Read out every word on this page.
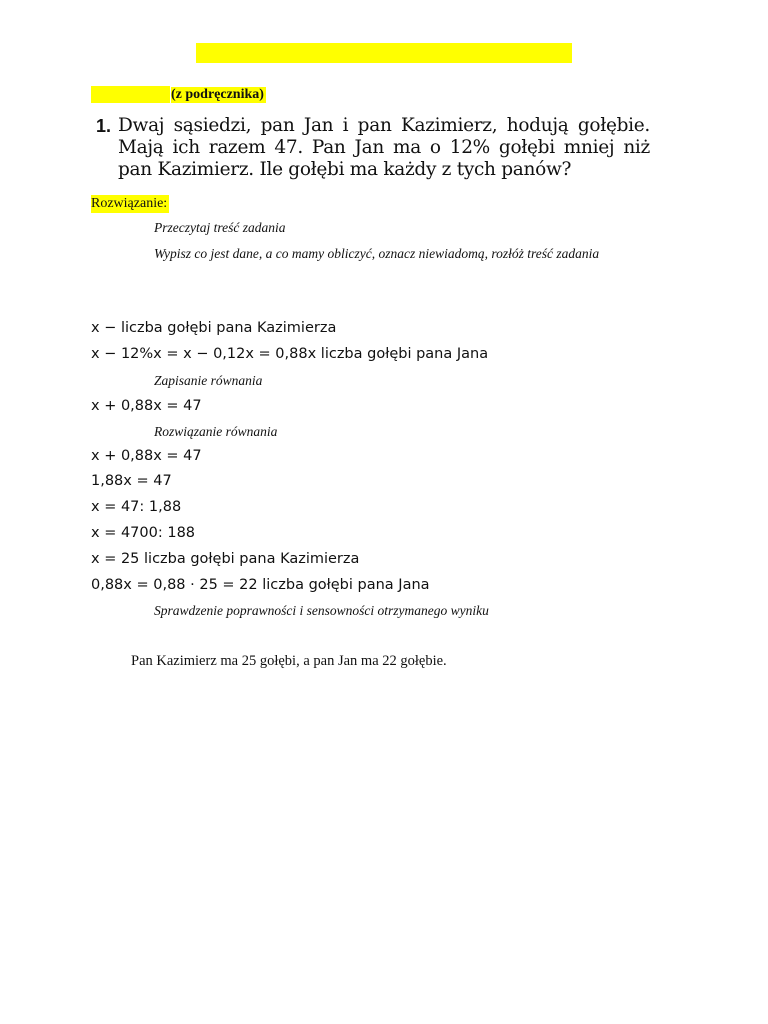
(z podręcznika)
1. Dwaj sąsiedzi, pan Jan i pan Kazimierz, hodują gołębie. Mają ich razem 47. Pan Jan ma o 12% gołębi mniej niż pan Kazimierz. Ile gołębi ma każdy z tych panów?
Rozwiązanie:
Przeczytaj treść zadania
Wypisz co jest dane, a co mamy obliczyć, oznacz niewiadomą, rozłóż treść zadania
x − liczba gołębi pana Kazimierza
x − 12%x = x − 0,12x = 0,88x liczba gołębi pana Jana
Zapisanie równania
x + 0,88x = 47
Rozwiązanie równania
x + 0,88x = 47
1,88x = 47
x = 47: 1,88
x = 4700: 188
x = 25 liczba gołębi pana Kazimierza
0,88x = 0,88 · 25 = 22 liczba gołębi pana Jana
Sprawdzenie poprawności i sensowności otrzymanego wyniku
Pan Kazimierz ma 25 gołębi, a pan Jan ma 22 gołębie.
